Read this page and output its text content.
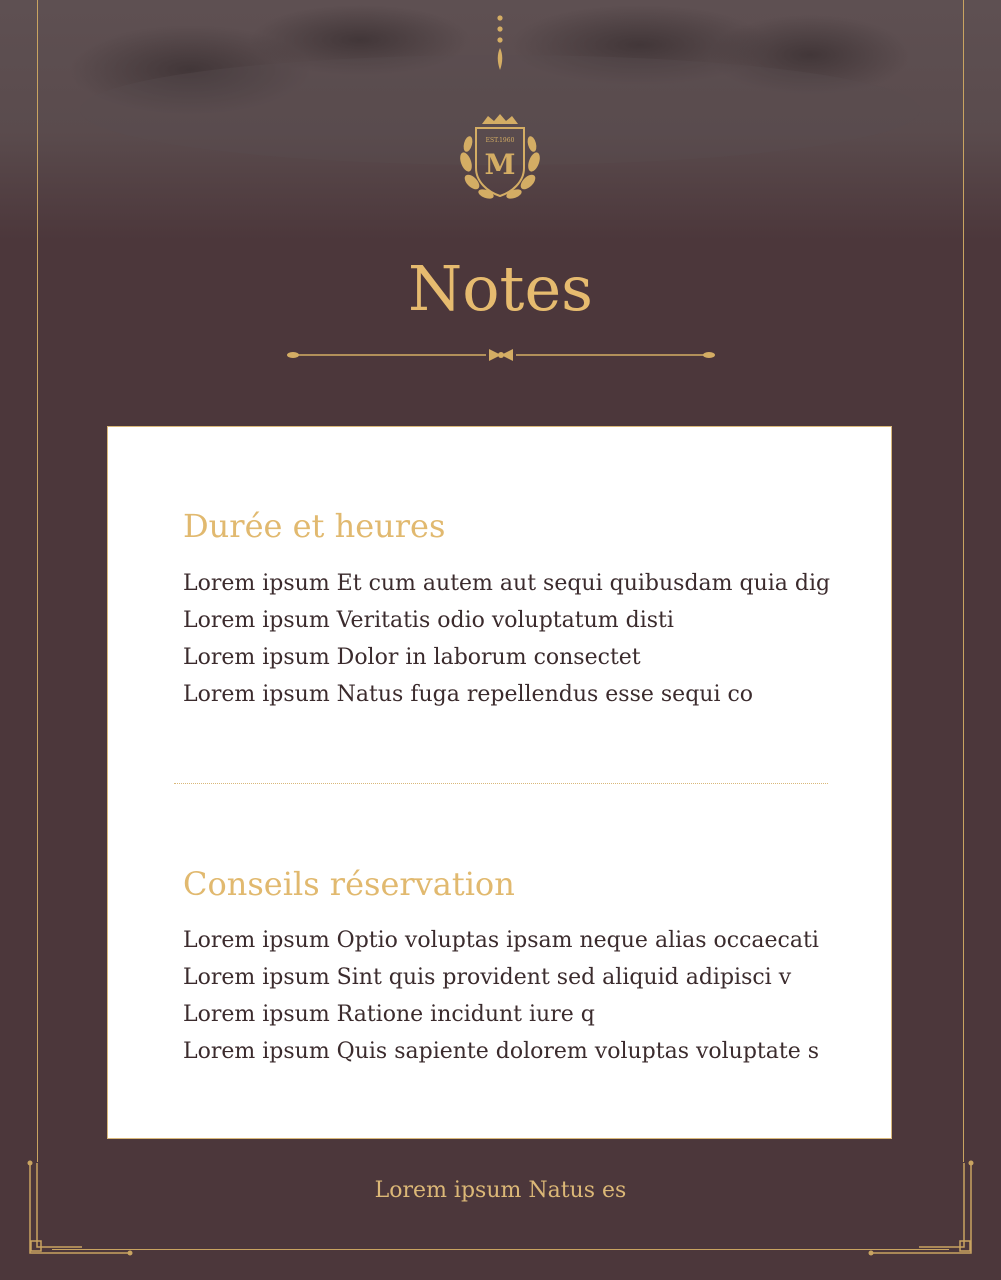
EST.1960
M
Notes
Durée et heures
Lorem ipsum Et cum autem aut sequi quibusdam quia dig
Lorem ipsum Veritatis odio voluptatum disti
Lorem ipsum Dolor in laborum consectet
Lorem ipsum Natus fuga repellendus esse sequi co
Conseils réservation
Lorem ipsum Optio voluptas ipsam neque alias occaecati
Lorem ipsum Sint quis provident sed aliquid adipisci v
Lorem ipsum Ratione incidunt iure q
Lorem ipsum Quis sapiente dolorem voluptas voluptate s
Lorem ipsum Natus es
